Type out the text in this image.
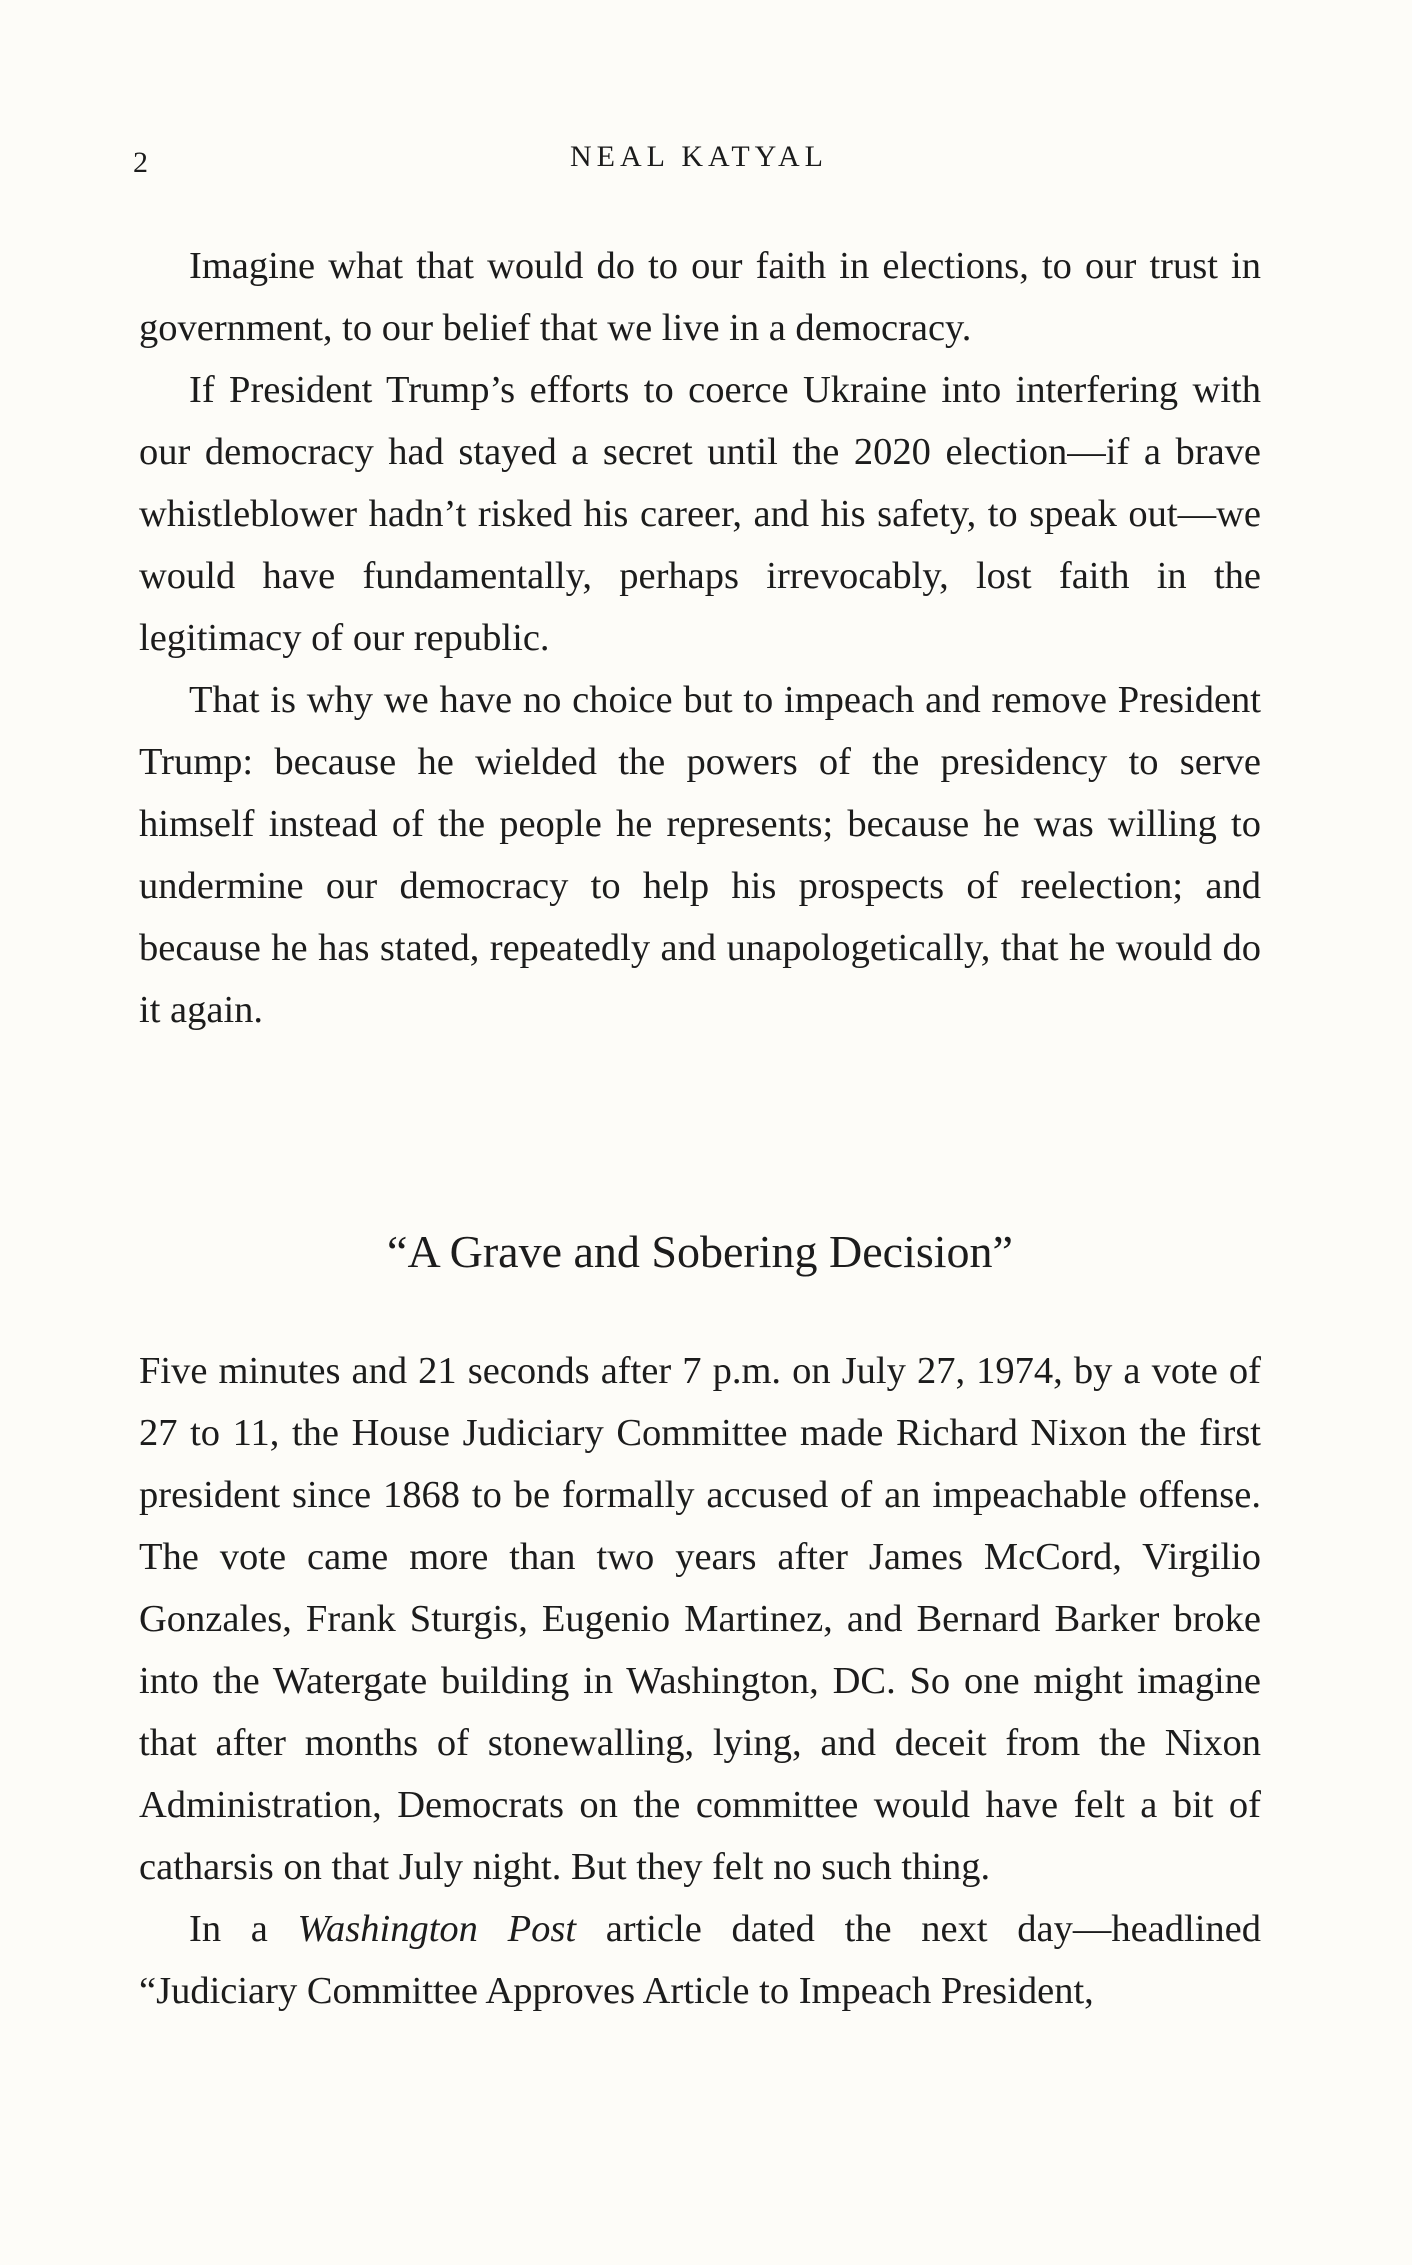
2	NEAL KATYAL

Imagine what that would do to our faith in elections, to our trust in government, to our belief that we live in a democracy.

If President Trump’s efforts to coerce Ukraine into interfering with our democracy had stayed a secret until the 2020 election—if a brave whistleblower hadn’t risked his career, and his safety, to speak out—we would have fundamentally, perhaps irrevocably, lost faith in the legitimacy of our republic.

That is why we have no choice but to impeach and remove President Trump: because he wielded the powers of the presidency to serve himself instead of the people he represents; because he was willing to undermine our democracy to help his prospects of reelection; and because he has stated, repeatedly and unapologetically, that he would do it again.

“A Grave and Sobering Decision”

Five minutes and 21 seconds after 7 p.m. on July 27, 1974, by a vote of 27 to 11, the House Judiciary Committee made Richard Nixon the first president since 1868 to be formally accused of an impeachable offense. The vote came more than two years after James McCord, Virgilio Gonzales, Frank Sturgis, Eugenio Martinez, and Bernard Barker broke into the Watergate building in Washington, DC. So one might imagine that after months of stonewalling, lying, and deceit from the Nixon Administration, Democrats on the committee would have felt a bit of catharsis on that July night. But they felt no such thing.

In a Washington Post article dated the next day—headlined “Judiciary Committee Approves Article to Impeach President,
